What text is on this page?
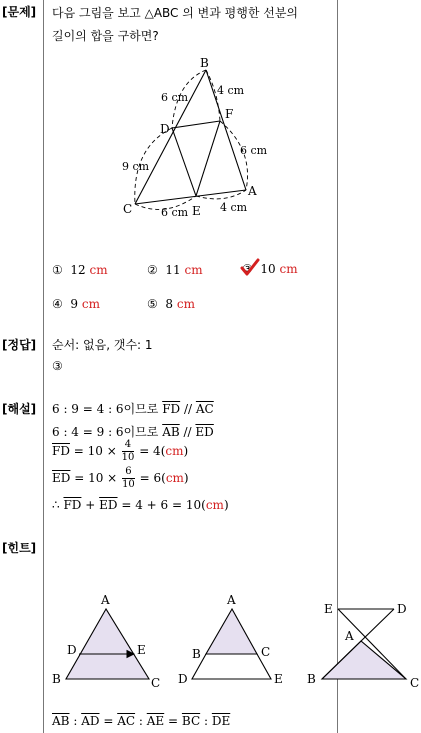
[문제]
[정답]
[해설]
[힌트]
다음 그림을 보고 △ABC 의 변과 평행한 선분의
길이의 합을 구하면?
B
F
D
C	E
A
6 cm
4 cm
6 cm
9 cm
6 cm	4 cm
① 12 cm	② 11 cm	③ 10 cm
④ 9 cm	⑤ 8 cm
순서: 없음, 갯수: 1
③
6 : 9 = 4 : 6이므로 $\overline{FD} // \overline{AC}$
6 : 4 = 9 : 6이므로 $\overline{AB} // \overline{ED}$
$\overline{FD} = 10 \times \frac{4}{10} = 4(cm)$
$\overline{ED} = 10 \times \frac{6}{10} = 6(cm)$
∴ $\overline{FD} + \overline{ED} = 4 + 6 = 10(cm)$
A
D	E
B	C
A
B	C
D	E
E	D
A
B	C
$\overline{AB}$ : $\overline{AD} = \overline{AC}$ : $\overline{AE} = \overline{BC}$ : $\overline{DE}$
